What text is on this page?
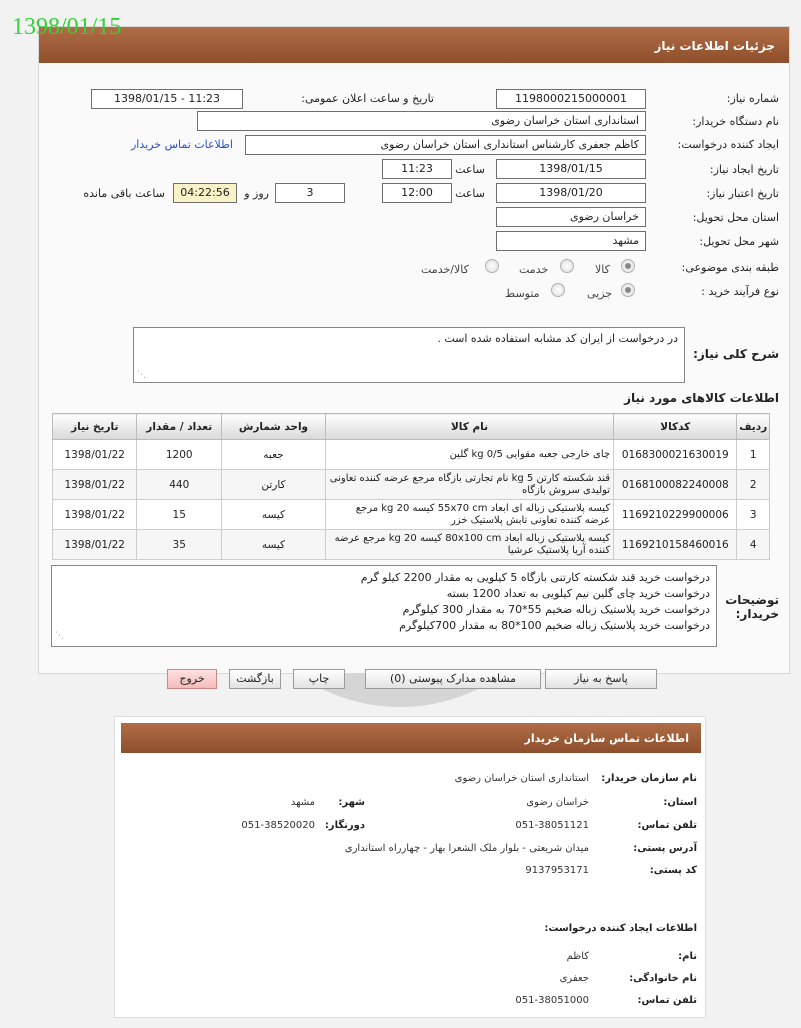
1398/01/15
جزئیات اطلاعات نیاز
شماره نیاز:
1198000215000001
تاریخ و ساعت اعلان عمومی:
1398/01/15 - 11:23
نام دستگاه خریدار:
استانداری استان خراسان رضوی
ایجاد کننده درخواست:
کاظم جعفری کارشناس استانداری استان خراسان رضوی
اطلاعات تماس خریدار
تاریخ ایجاد نیاز:
1398/01/15
ساعت
11:23
تاریخ اعتبار نیاز:
1398/01/20
ساعت
12:00
3
روز و
04:22:56
ساعت باقی مانده
استان محل تحویل:
خراسان رضوی
شهر محل تحویل:
مشهد
طبقه بندی موضوعی:
کالا
خدمت
کالا/خدمت
نوع فرآیند خرید :
جزیی
متوسط
شرح کلی نیاز:
در درخواست از ایران کد مشابه استفاده شده است .
⋰
اطلاعات کالاهای مورد نیاز
تاریخ نیاز	تعداد / مقدار	واحد شمارش	نام کالا	کدکالا	ردیف
1398/01/22	1200	جعبه	چای خارجی جعبه مقوایی 0/5 kg گلین	0168300021630019	1
1398/01/22	440	کارتن	قند شکسته کارتن 5 kg نام تجارتی بازگاه مرجع عرضه کننده تعاونی تولیدی سروش بازگاه	0168100082240008	2
1398/01/22	15	کیسه	کیسه پلاستیکی زباله ای ابعاد 55x70 cm کیسه 20 kg مرجع عرضه کننده تعاونی تابش پلاستیک خزر	1169210229900006	3
1398/01/22	35	کیسه	کیسه پلاستیکی زباله ابعاد 80x100 cm کیسه 20 kg مرجع عرضه کننده آریا پلاستیک عرشیا	1169210158460016	4
توضیحات خریدار:
درخواست خرید قند شکسته کارتنی بازگاه 5 کیلویی به مقدار 2200 کیلو گرم
درخواست خرید چای گلین نیم کیلویی به تعداد 1200 بسته
درخواست خرید پلاستیک زباله ضخیم 55*70 به مقدار 300 کیلوگرم
درخواست خرید پلاستیک زباله ضخیم 100*80 به مقدار 700کیلوگرم
⋰
پاسخ به نیاز
مشاهده مدارک پیوستی (0)
چاپ
بازگشت
خروج
اطلاعات تماس سازمان خریدار
نام سازمان خریدار:
استانداری استان خراسان رضوی
استان:
خراسان رضوی
شهر:
مشهد
تلفن تماس:
051-38051121
دورنگار:
051-38520020
آدرس پستی:
میدان شریعتی - بلوار ملک الشعرا بهار - چهارراه استانداری
کد پستی:
9137953171
اطلاعات ایجاد کننده درخواست:
نام:
کاظم
نام خانوادگی:
جعفری
تلفن تماس:
051-38051000
